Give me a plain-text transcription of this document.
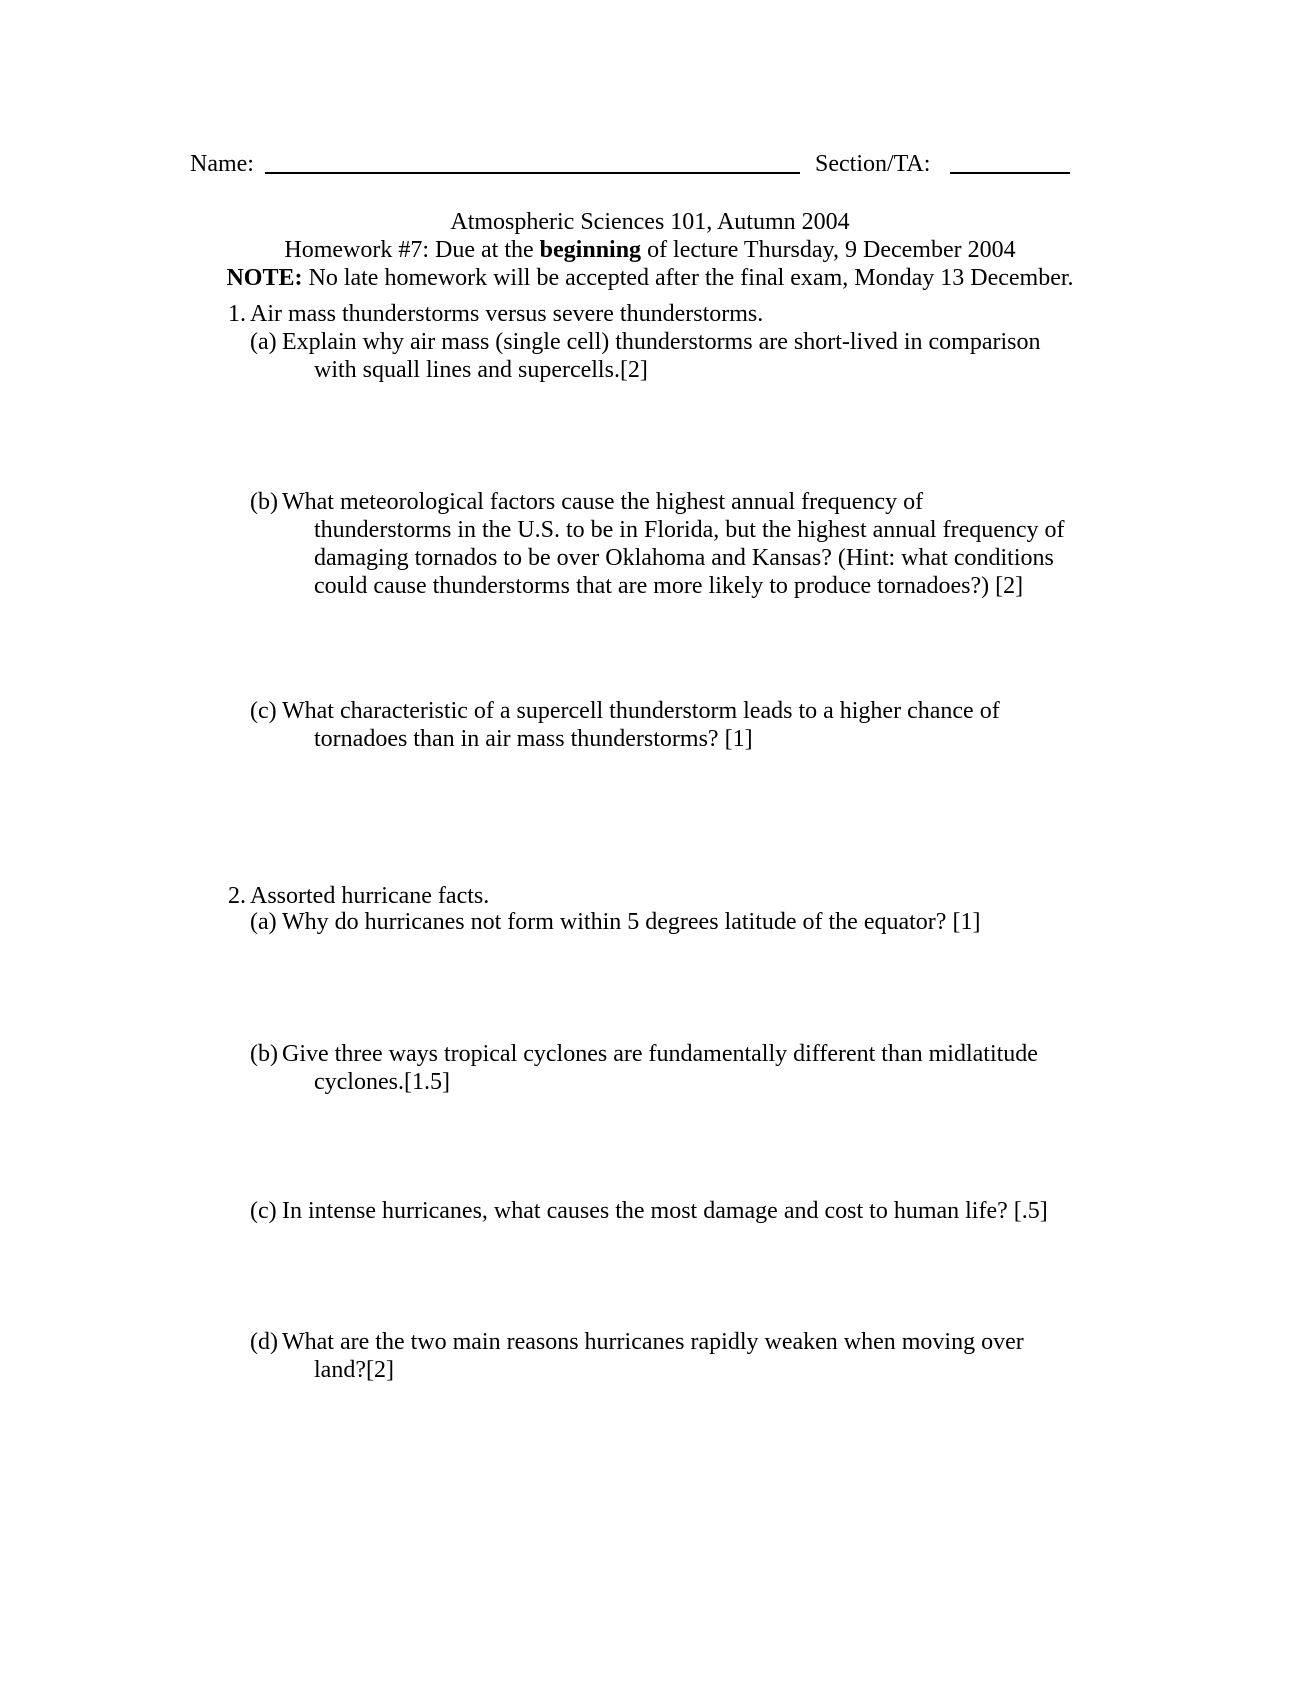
Name:	Section/TA:
Atmospheric Sciences 101, Autumn 2004
Homework #7: Due at the beginning of lecture Thursday, 9 December 2004
NOTE: No late homework will be accepted after the final exam, Monday 13 December.
1. Air mass thunderstorms versus severe thunderstorms.
(a) Explain why air mass (single cell) thunderstorms are short-lived in comparison
with squall lines and supercells.[2]
(b) What meteorological factors cause the highest annual frequency of
thunderstorms in the U.S. to be in Florida, but the highest annual frequency of
damaging tornados to be over Oklahoma and Kansas? (Hint: what conditions
could cause thunderstorms that are more likely to produce tornadoes?) [2]
(c) What characteristic of a supercell thunderstorm leads to a higher chance of
tornadoes than in air mass thunderstorms? [1]
2. Assorted hurricane facts.
(a) Why do hurricanes not form within 5 degrees latitude of the equator? [1]
(b) Give three ways tropical cyclones are fundamentally different than midlatitude
cyclones.[1.5]
(c) In intense hurricanes, what causes the most damage and cost to human life? [.5]
(d) What are the two main reasons hurricanes rapidly weaken when moving over
land?[2]
